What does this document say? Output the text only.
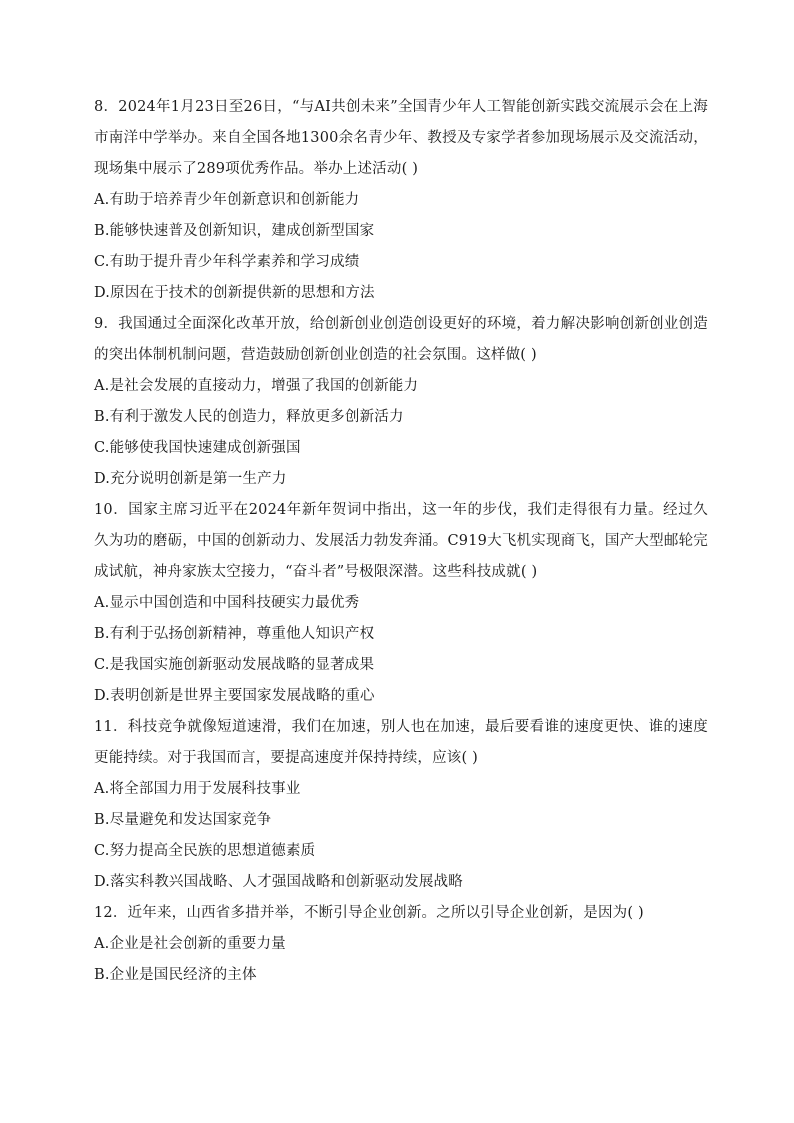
8．2024年1月23日至26日，“与AI共创未来”全国青少年人工智能创新实践交流展示会在上海市南洋中学举办。来自全国各地1300余名青少年、教授及专家学者参加现场展示及交流活动，现场集中展示了289项优秀作品。举办上述活动( )

A.有助于培养青少年创新意识和创新能力

B.能够快速普及创新知识，建成创新型国家

C.有助于提升青少年科学素养和学习成绩

D.原因在于技术的创新提供新的思想和方法

9．我国通过全面深化改革开放，给创新创业创造创设更好的环境，着力解决影响创新创业创造的突出体制机制问题，营造鼓励创新创业创造的社会氛围。这样做( )

A.是社会发展的直接动力，增强了我国的创新能力

B.有利于激发人民的创造力，释放更多创新活力

C.能够使我国快速建成创新强国

D.充分说明创新是第一生产力

10．国家主席习近平在2024年新年贺词中指出，这一年的步伐，我们走得很有力量。经过久久为功的磨砺，中国的创新动力、发展活力勃发奔涌。C919大飞机实现商飞，国产大型邮轮完成试航，神舟家族太空接力，“奋斗者”号极限深潜。这些科技成就( )

A.显示中国创造和中国科技硬实力最优秀

B.有利于弘扬创新精神，尊重他人知识产权

C.是我国实施创新驱动发展战略的显著成果

D.表明创新是世界主要国家发展战略的重心

11．科技竞争就像短道速滑，我们在加速，别人也在加速，最后要看谁的速度更快、谁的速度更能持续。对于我国而言，要提高速度并保持持续，应该( )

A.将全部国力用于发展科技事业

B.尽量避免和发达国家竞争

C.努力提高全民族的思想道德素质

D.落实科教兴国战略、人才强国战略和创新驱动发展战略

12．近年来，山西省多措并举，不断引导企业创新。之所以引导企业创新，是因为( )

A.企业是社会创新的重要力量

B.企业是国民经济的主体
